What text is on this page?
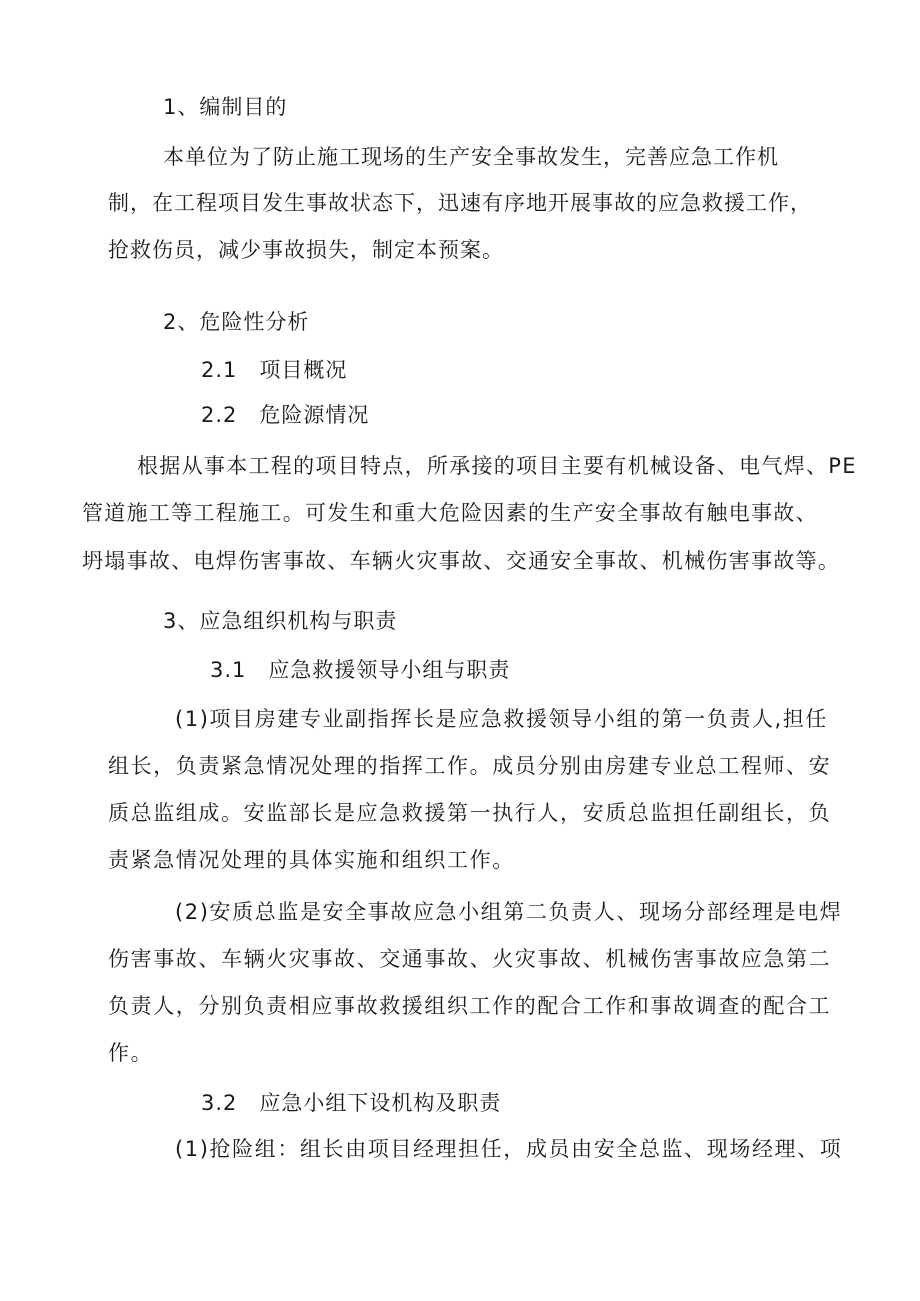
1、编制目的
本单位为了防止施工现场的生产安全事故发生，完善应急工作机
制，在工程项目发生事故状态下，迅速有序地开展事故的应急救援工作，
抢救伤员，减少事故损失，制定本预案。
2、危险性分析
2.1 项目概况
2.2 危险源情况
根据从事本工程的项目特点，所承接的项目主要有机械设备、电气焊、PE
管道施工等工程施工。可发生和重大危险因素的生产安全事故有触电事故、
坍塌事故、电焊伤害事故、车辆火灾事故、交通安全事故、机械伤害事故等。
3、应急组织机构与职责
3.1 应急救援领导小组与职责
(1)项目房建专业副指挥长是应急救援领导小组的第一负责人,担任
组长，负责紧急情况处理的指挥工作。成员分别由房建专业总工程师、安
质总监组成。安监部长是应急救援第一执行人，安质总监担任副组长，负
责紧急情况处理的具体实施和组织工作。
(2)安质总监是安全事故应急小组第二负责人、现场分部经理是电焊
伤害事故、车辆火灾事故、交通事故、火灾事故、机械伤害事故应急第二
负责人，分别负责相应事故救援组织工作的配合工作和事故调查的配合工
作。
3.2 应急小组下设机构及职责
(1)抢险组：组长由项目经理担任，成员由安全总监、现场经理、项
